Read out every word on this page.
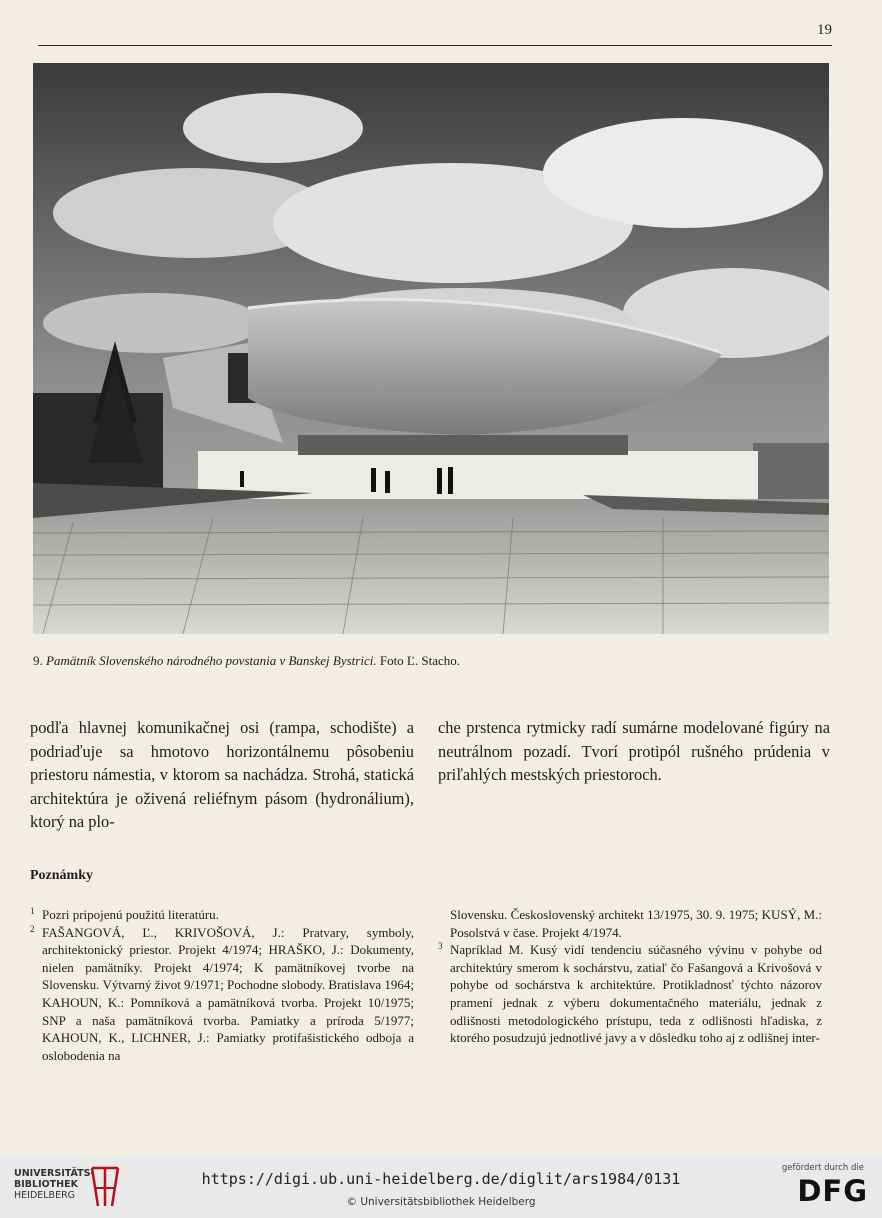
19
9. Pamätník Slovenského národného povstania v Banskej Bystrici. Foto Ľ. Stacho.

podľa hlavnej komunikačnej osi (rampa, schodište) a podriaďuje sa hmotovo horizontálnemu pôsobeniu priestoru námestia, v ktorom sa nachádza. Strohá, statická architektúra je oživená reliéfnym pásom (hydronálium), ktorý na plo-

che prstenca rytmicky radí sumárne modelované figúry na neutrálnom pozadí. Tvorí protipól rušného prúdenia v priľahlých mestských priestoroch.

Poznámky

1 Pozri pripojenú použitú literatúru.

2 FAŠANGOVÁ, Ľ., KRIVOŠOVÁ, J.: Pratvary, symboly, architektonický priestor. Projekt 4/1974; HRAŠKO, J.: Dokumenty, nielen pamätníky. Projekt 4/1974; K pamätníkovej tvorbe na Slovensku. Výtvarný život 9/1971; Pochodne slobody. Bratislava 1964; KAHOUN, K.: Pomníková a pamätníková tvorba. Projekt 10/1975; SNP a naša pamätníková tvorba. Pamiatky a príroda 5/1977; KAHOUN, K., LICHNER, J.: Pamiatky protifašistického odboja a oslobodenia na

Slovensku. Československý architekt 13/1975, 30. 9. 1975; KUSÝ, M.: Posolstvá v čase. Projekt 4/1974.

3 Napríklad M. Kusý vidí tendenciu súčasného vývinu v pohybe od architektúry smerom k sochárstvu, zatiaľ čo Fašangová a Krivošová v pohybe od sochárstva k architektúre. Protikladnosť týchto názorov pramení jednak z výberu dokumentačného materiálu, jednak z odlišnosti metodologického prístupu, teda z odlišnosti hľadiska, z ktorého posudzujú jednotlivé javy a v dôsledku toho aj z odlišnej inter-

UNIVERSITÄTS-
BIBLIOTHEK
HEIDELBERG
https://digi.ub.uni-heidelberg.de/diglit/ars1984/0131
© Universitätsbibliothek Heidelberg
gefördert durch die
DFG
